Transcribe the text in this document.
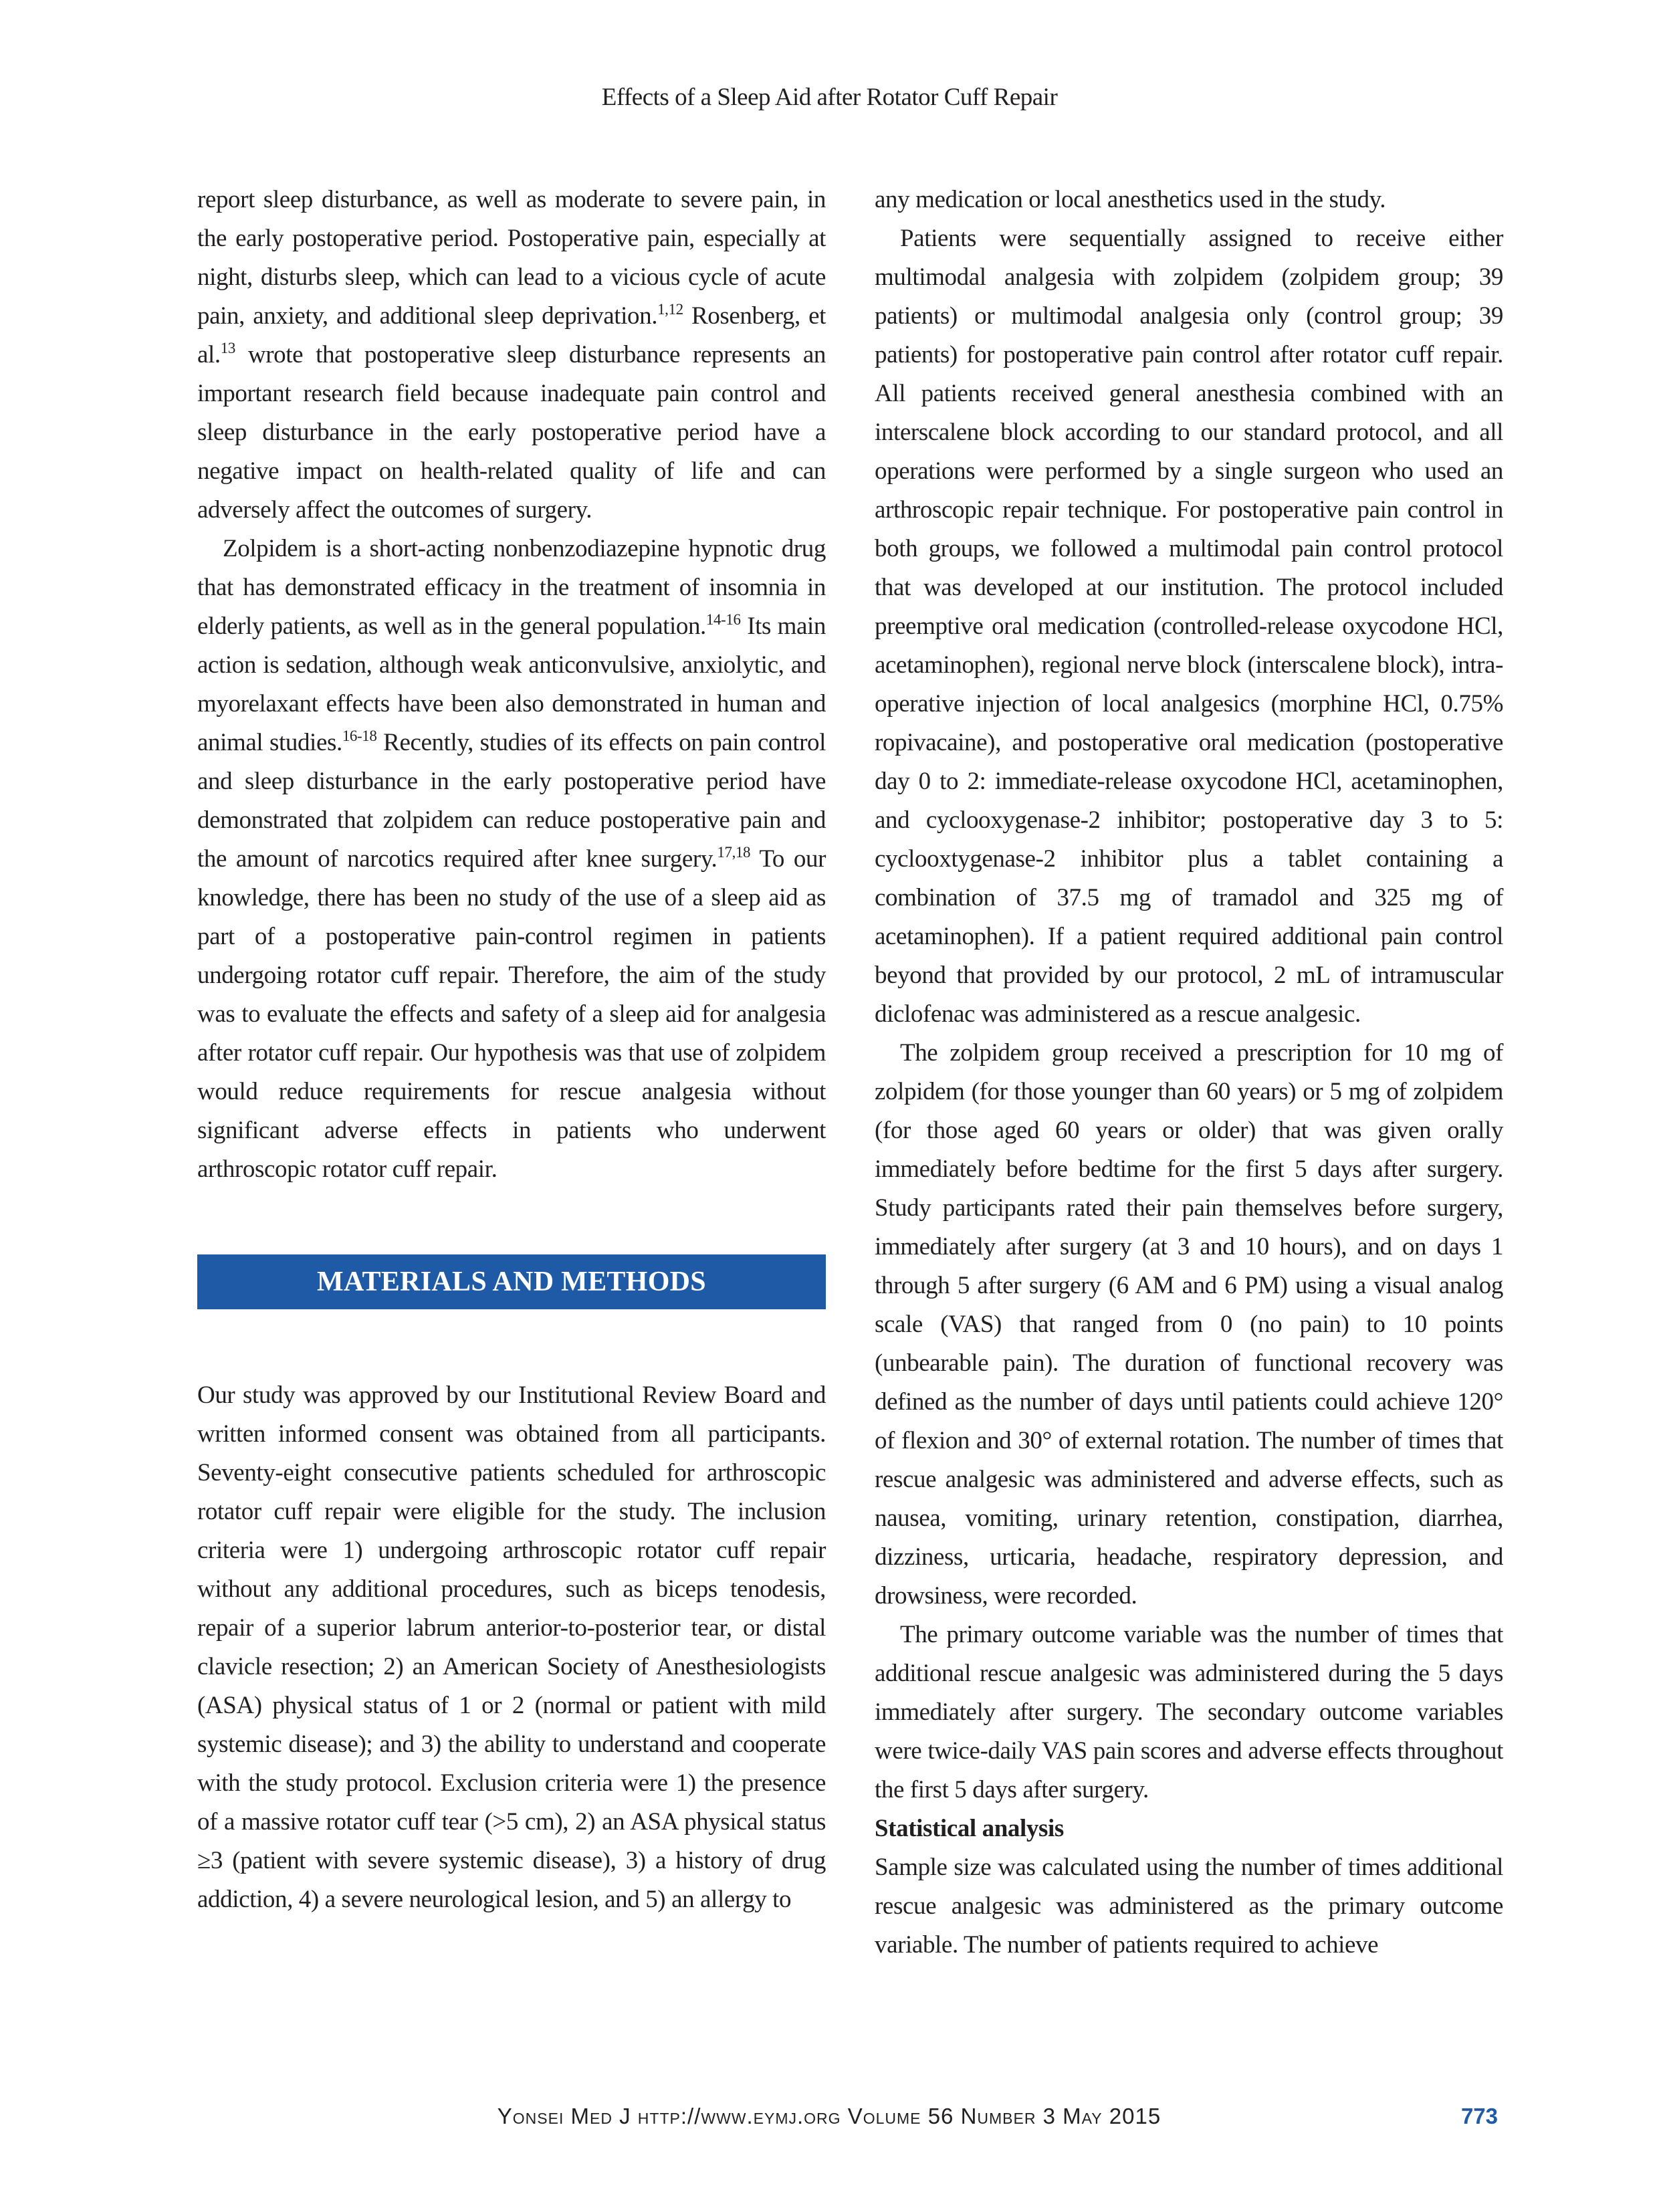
Effects of a Sleep Aid after Rotator Cuff Repair

report sleep disturbance, as well as moderate to severe pain, in the early postoperative period. Postoperative pain, especially at night, disturbs sleep, which can lead to a vicious cycle of acute pain, anxiety, and additional sleep deprivation.$^{1,12}$ Rosenberg, et al.$^{13}$ wrote that postoperative sleep disturbance represents an important research field because inadequate pain control and sleep disturbance in the early postoperative period have a negative impact on health-related quality of life and can adversely affect the outcomes of surgery.

Zolpidem is a short-acting nonbenzodiazepine hypnotic drug that has demonstrated efficacy in the treatment of insomnia in elderly patients, as well as in the general population.$^{14-16}$ Its main action is sedation, although weak anticonvulsive, anxiolytic, and myorelaxant effects have been also demonstrated in human and animal studies.$^{16-18}$ Recently, studies of its effects on pain control and sleep disturbance in the early postoperative period have demonstrated that zolpidem can reduce postoperative pain and the amount of narcotics required after knee surgery.$^{17,18}$ To our knowledge, there has been no study of the use of a sleep aid as part of a postoperative pain-control regimen in patients undergoing rotator cuff repair. Therefore, the aim of the study was to evaluate the effects and safety of a sleep aid for analgesia after rotator cuff repair. Our hypothesis was that use of zolpidem would reduce requirements for rescue analgesia without significant adverse effects in patients who underwent arthroscopic rotator cuff repair.

MATERIALS AND METHODS

Our study was approved by our Institutional Review Board and written informed consent was obtained from all participants. Seventy-eight consecutive patients scheduled for arthroscopic rotator cuff repair were eligible for the study. The inclusion criteria were 1) undergoing arthroscopic rotator cuff repair without any additional procedures, such as biceps tenodesis, repair of a superior labrum anterior-to-posterior tear, or distal clavicle resection; 2) an American Society of Anesthesiologists (ASA) physical status of 1 or 2 (normal or patient with mild systemic disease); and 3) the ability to understand and cooperate with the study protocol. Exclusion criteria were 1) the presence of a massive rotator cuff tear (>5 cm), 2) an ASA physical status ≥3 (patient with severe systemic disease), 3) a history of drug addiction, 4) a severe neurological lesion, and 5) an allergy to

any medication or local anesthetics used in the study.

Patients were sequentially assigned to receive either multimodal analgesia with zolpidem (zolpidem group; 39 patients) or multimodal analgesia only (control group; 39 patients) for postoperative pain control after rotator cuff repair. All patients received general anesthesia combined with an interscalene block according to our standard protocol, and all operations were performed by a single surgeon who used an arthroscopic repair technique. For postoperative pain control in both groups, we followed a multimodal pain control protocol that was developed at our institution. The protocol included preemptive oral medication (controlled-release oxycodone HCl, acetaminophen), regional nerve block (interscalene block), intra-operative injection of local analgesics (morphine HCl, 0.75% ropivacaine), and postoperative oral medication (postoperative day 0 to 2: immediate-release oxycodone HCl, acetaminophen, and cyclooxygenase-2 inhibitor; postoperative day 3 to 5: cyclooxtygenase-2 inhibitor plus a tablet containing a combination of 37.5 mg of tramadol and 325 mg of acetaminophen). If a patient required additional pain control beyond that provided by our protocol, 2 mL of intramuscular diclofenac was administered as a rescue analgesic.

The zolpidem group received a prescription for 10 mg of zolpidem (for those younger than 60 years) or 5 mg of zolpidem (for those aged 60 years or older) that was given orally immediately before bedtime for the first 5 days after surgery. Study participants rated their pain themselves before surgery, immediately after surgery (at 3 and 10 hours), and on days 1 through 5 after surgery (6 AM and 6 PM) using a visual analog scale (VAS) that ranged from 0 (no pain) to 10 points (unbearable pain). The duration of functional recovery was defined as the number of days until patients could achieve 120° of flexion and 30° of external rotation. The number of times that rescue analgesic was administered and adverse effects, such as nausea, vomiting, urinary retention, constipation, diarrhea, dizziness, urticaria, headache, respiratory depression, and drowsiness, were recorded.

The primary outcome variable was the number of times that additional rescue analgesic was administered during the 5 days immediately after surgery. The secondary outcome variables were twice-daily VAS pain scores and adverse effects throughout the first 5 days after surgery.

Statistical analysis

Sample size was calculated using the number of times additional rescue analgesic was administered as the primary outcome variable. The number of patients required to achieve

Yonsei Med J http://www.eymj.org Volume 56 Number 3 May 2015	773
